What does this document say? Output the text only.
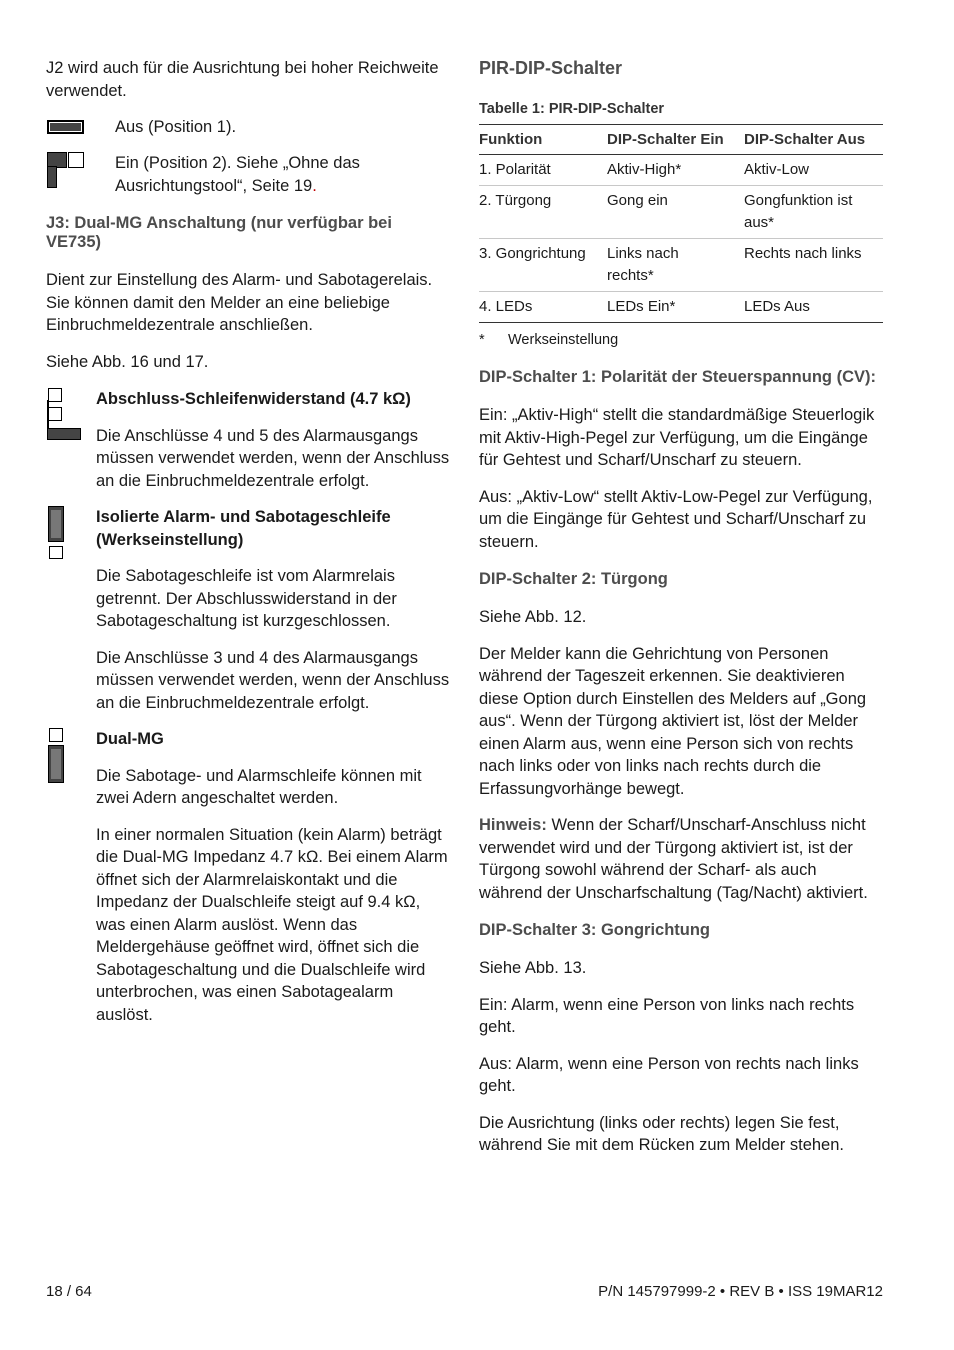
J2 wird auch für die Ausrichtung bei hoher Reichweite verwendet.

Aus (Position 1).

Ein (Position 2). Siehe „Ohne das Ausrichtungstool“, Seite 19.

J3: Dual-MG Anschaltung (nur verfügbar bei VE735)

Dient zur Einstellung des Alarm- und Sabotagerelais. Sie können damit den Melder an eine beliebige Einbruchmeldezentrale anschließen.

Siehe Abb. 16 und 17.

Abschluss-Schleifenwiderstand (4.7 kΩ)

Die Anschlüsse 4 und 5 des Alarmausgangs müssen verwendet werden, wenn der Anschluss an die Einbruchmeldezentrale erfolgt.

Isolierte Alarm- und Sabotageschleife (Werkseinstellung)

Die Sabotageschleife ist vom Alarmrelais getrennt. Der Abschlusswiderstand in der Sabotageschaltung ist kurzgeschlossen.

Die Anschlüsse 3 und 4 des Alarmausgangs müssen verwendet werden, wenn der Anschluss an die Einbruchmeldezentrale erfolgt.

Dual-MG

Die Sabotage- und Alarmschleife können mit zwei Adern angeschaltet werden.

In einer normalen Situation (kein Alarm) beträgt die Dual-MG Impedanz 4.7 kΩ. Bei einem Alarm öffnet sich der Alarmrelaiskontakt und die Impedanz der Dualschleife steigt auf 9.4 kΩ, was einen Alarm auslöst. Wenn das Meldergehäuse geöffnet wird, öffnet sich die Sabotageschaltung und die Dualschleife wird unterbrochen, was einen Sabotagealarm auslöst.

PIR-DIP-Schalter
Tabelle 1: PIR-DIP-Schalter
Funktion	DIP-Schalter Ein	DIP-Schalter Aus
1. Polarität	Aktiv-High*	Aktiv-Low
2. Türgong	Gong ein	Gongfunktion ist aus*
3. Gongrichtung	Links nach rechts*	Rechts nach links
4. LEDs	LEDs Ein*	LEDs Aus
*	Werkseinstellung
DIP-Schalter 1: Polarität der Steuerspannung (CV):

Ein: „Aktiv-High“ stellt die standardmäßige Steuerlogik mit Aktiv-High-Pegel zur Verfügung, um die Eingänge für Gehtest und Scharf/Unscharf zu steuern.

Aus: „Aktiv-Low“ stellt Aktiv-Low-Pegel zur Verfügung, um die Eingänge für Gehtest und Scharf/Unscharf zu steuern.

DIP-Schalter 2: Türgong

Siehe Abb. 12.

Der Melder kann die Gehrichtung von Personen während der Tageszeit erkennen. Sie deaktivieren diese Option durch Einstellen des Melders auf „Gong aus“. Wenn der Türgong aktiviert ist, löst der Melder einen Alarm aus, wenn eine Person sich von rechts nach links oder von links nach rechts durch die Erfassungvorhänge bewegt.

Hinweis: Wenn der Scharf/Unscharf-Anschluss nicht verwendet wird und der Türgong aktiviert ist, ist der Türgong sowohl während der Scharf- als auch während der Unscharfschaltung (Tag/Nacht) aktiviert.

DIP-Schalter 3: Gongrichtung

Siehe Abb. 13.

Ein: Alarm, wenn eine Person von links nach rechts geht.

Aus: Alarm, wenn eine Person von rechts nach links geht.

Die Ausrichtung (links oder rechts) legen Sie fest, während Sie mit dem Rücken zum Melder stehen.

18 / 64	P/N 145797999-2 • REV B • ISS 19MAR12
